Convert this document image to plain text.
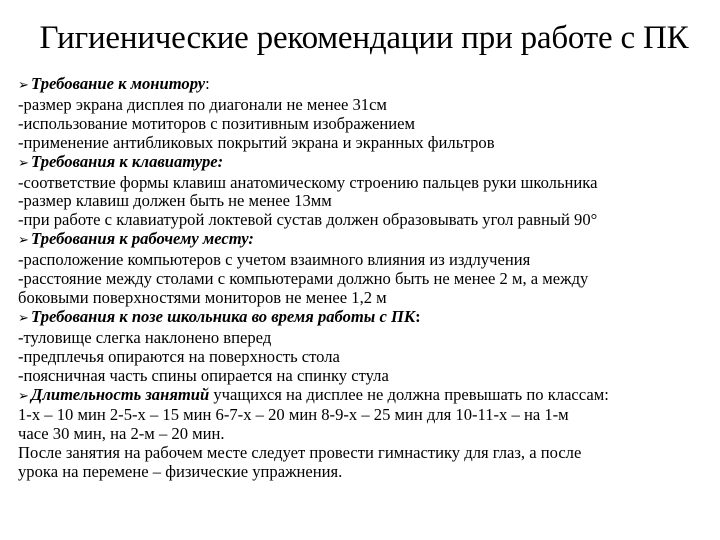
Гигиенические рекомендации при работе с ПК
➢ Требование к монитору:
-размер экрана дисплея по диагонали не менее 31см
-использование мотиторов с позитивным изображением
-применение антибликовых покрытий экрана и экранных фильтров
➢ Требования к клавиатуре:
-соответствие формы клавиш анатомическому строению пальцев руки школьника
-размер клавиш должен быть не менее 13мм
-при работе с клавиатурой локтевой сустав должен образовывать угол равный 90°
➢ Требования к рабочему месту:
-расположение компьютеров с учетом взаимного влияния из издлучения
-расстояние между столами с компьютерами должно быть не менее 2 м, а между
боковыми поверхностями мониторов не менее 1,2 м
➢ Требования к позе школьника во время работы с ПК:
-туловище слегка наклонено вперед
-предплечья опираются на поверхность стола
-поясничная часть спины опирается на спинку стула
➢ Длительность занятий учащихся на дисплее не должна превышать по классам:
1-х – 10 мин 2-5-х – 15 мин 6-7-х – 20 мин 8-9-х – 25 мин для 10-11-х – на 1-м
часе 30 мин, на 2-м – 20 мин.
После занятия на рабочем месте следует провести гимнастику для глаз, а после
урока на перемене – физические упражнения.
